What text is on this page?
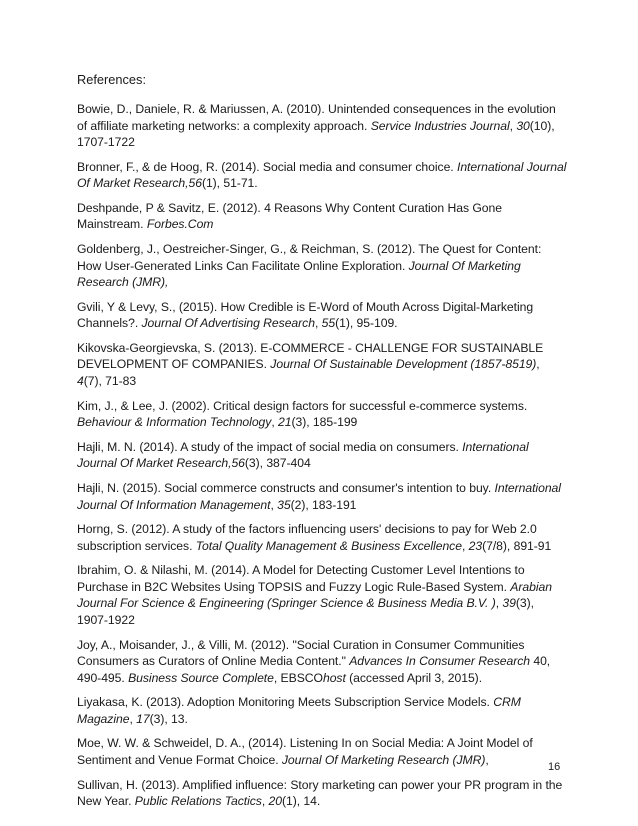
References:

Bowie, D., Daniele, R. & Mariussen, A. (2010). Unintended consequences in the evolution of affiliate marketing networks: a complexity approach. Service Industries Journal, 30(10), 1707-1722

Bronner, F., & de Hoog, R. (2014). Social media and consumer choice. International Journal Of Market Research,56(1), 51-71.

Deshpande, P & Savitz, E. (2012). 4 Reasons Why Content Curation Has Gone Mainstream. Forbes.Com

Goldenberg, J., Oestreicher-Singer, G., & Reichman, S. (2012). The Quest for Content: How User-Generated Links Can Facilitate Online Exploration. Journal Of Marketing Research (JMR),

Gvili, Y & Levy, S., (2015). How Credible is E-Word of Mouth Across Digital-Marketing Channels?. Journal Of Advertising Research, 55(1), 95-109.

Kikovska-Georgievska, S. (2013). E-COMMERCE - CHALLENGE FOR SUSTAINABLE DEVELOPMENT OF COMPANIES. Journal Of Sustainable Development (1857-8519), 4(7), 71-83

Kim, J., & Lee, J. (2002). Critical design factors for successful e-commerce systems. Behaviour & Information Technology, 21(3), 185-199

Hajli, M. N. (2014). A study of the impact of social media on consumers. International Journal Of Market Research,56(3), 387-404

Hajli, N. (2015). Social commerce constructs and consumer's intention to buy. International Journal Of Information Management, 35(2), 183-191

Horng, S. (2012). A study of the factors influencing users' decisions to pay for Web 2.0 subscription services. Total Quality Management & Business Excellence, 23(7/8), 891-91

Ibrahim, O. & Nilashi, M. (2014). A Model for Detecting Customer Level Intentions to Purchase in B2C Websites Using TOPSIS and Fuzzy Logic Rule-Based System. Arabian Journal For Science & Engineering (Springer Science & Business Media B.V. ), 39(3), 1907-1922

Joy, A., Moisander, J., & Villi, M. (2012). "Social Curation in Consumer Communities Consumers as Curators of Online Media Content." Advances In Consumer Research 40, 490-495. Business Source Complete, EBSCOhost (accessed April 3, 2015).

Liyakasa, K. (2013). Adoption Monitoring Meets Subscription Service Models. CRM Magazine, 17(3), 13.

Moe, W. W. & Schweidel, D. A., (2014). Listening In on Social Media: A Joint Model of Sentiment and Venue Format Choice. Journal Of Marketing Research (JMR),

Sullivan, H. (2013). Amplified influence: Story marketing can power your PR program in the New Year. Public Relations Tactics, 20(1), 14.

16
